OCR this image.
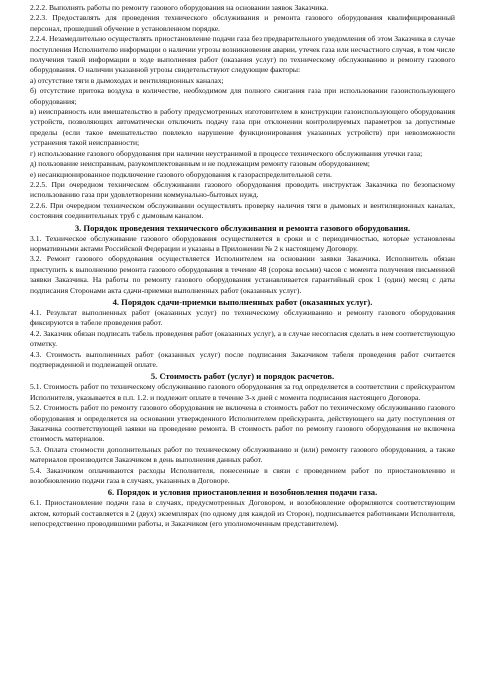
2.2.2. Выполнять работы по ремонту газового оборудования на основании заявок Заказчика.

2.2.3. Предоставлять для проведения технического обслуживания и ремонта газового оборудования квалифицированный персонал, прошедший обучение в установленном порядке.

2.2.4. Незамедлительно осуществлять приостановление подачи газа без предварительного уведомления об этом Заказчика в случае поступления Исполнителю информации о наличии угрозы возникновения аварии, утечек газа или несчастного случая, в том числе получения такой информации в ходе выполнения работ (оказания услуг) по техническому обслуживанию и ремонту газового оборудования. О наличии указанной угрозы свидетельствуют следующие факторы:

а) отсутствие тяги в дымоходах и вентиляционных каналах;

б) отсутствие притока воздуха в количестве, необходимом для полного сжигания газа при использовании газоиспользующего оборудования;

в) неисправность или вмешательство в работу предусмотренных изготовителем в конструкции газоиспользующего оборудования устройств, позволяющих автоматически отключить подачу газа при отклонении контролируемых параметров за допустимые пределы (если такое вмешательство повлекло нарушение функционирования указанных устройств) при невозможности устранения такой неисправности;

г) использование газового оборудования при наличии неустранимой в процессе технического обслуживания утечки газа;

д) пользование неисправным, разукомплектованным и не подлежащим ремонту газовым оборудованием;

е) несанкционированное подключение газового оборудования к газораспределительной сети.

2.2.5. При очередном техническом обслуживании газового оборудования проводить инструктаж Заказчика по безопасному использованию газа при удовлетворении коммунально-бытовых нужд.

2.2.6. При очередном техническом обслуживании осуществлять проверку наличия тяги в дымовых и вентиляционных каналах, состояния соединительных труб с дымовым каналом.

3. Порядок проведения технического обслуживания и ремонта газового оборудования.

3.1. Техническое обслуживание газового оборудования осуществляется в сроки и с периодичностью, которые установлены нормативными актами Российской Федерации и указаны в Приложении № 2 к настоящему Договору.

3.2. Ремонт газового оборудования осуществляется Исполнителем на основании заявки Заказчика. Исполнитель обязан приступить к выполнению ремонта газового оборудования в течение 48 (сорока восьми) часов с момента получения письменной заявки Заказчика. На работы по ремонту газового оборудования устанавливается гарантийный срок 1 (один) месяц с даты подписания Сторонами акта сдачи-приемки выполненных работ (оказанных услуг).

4. Порядок сдачи-приемки выполненных работ (оказанных услуг).

4.1. Результат выполненных работ (оказанных услуг) по техническому обслуживанию и ремонту газового оборудования фиксируются в табеле проведения работ.

4.2. Заказчик обязан подписать табель проведения работ (оказанных услуг), а в случае несогласия сделать в нем соответствующую отметку.

4.3. Стоимость выполненных работ (оказанных услуг) после подписания Заказчиком табеля проведения работ считается подтвержденной и подлежащей оплате.

5. Стоимость работ (услуг) и порядок расчетов.

5.1. Стоимость работ по техническому обслуживанию газового оборудования за год определяется в соответствии с прейскурантом Исполнителя, указывается в п.п. 1.2. и подлежит оплате в течение 3-х дней с момента подписания настоящего Договора.

5.2. Стоимость работ по ремонту газового оборудования не включена в стоимость работ по техническому обслуживанию газового оборудования и определяется на основании утвержденного Исполнителем прейскуранта, действующего на дату поступления от Заказчика соответствующей заявки на проведение ремонта. В стоимость работ по ремонту газового оборудования не включена стоимость материалов.

5.3. Оплата стоимости дополнительных работ по техническому обслуживанию и (или) ремонту газового оборудования, а также материалов производится Заказчиком в день выполнения данных работ.

5.4. Заказчиком оплачиваются расходы Исполнителя, понесенные в связи с проведением работ по приостановлению и возобновлению подачи газа в случаях, указанных в Договоре.

6. Порядок и условия приостановления и возобновления подачи газа.

6.1. Приостановление подачи газа в случаях, предусмотренных Договором, и возобновление оформляются соответствующим актом, который составляется в 2 (двух) экземплярах (по одному для каждой из Сторон), подписывается работниками Исполнителя, непосредственно проводившими работы, и Заказчиком (его уполномоченным представителем).
